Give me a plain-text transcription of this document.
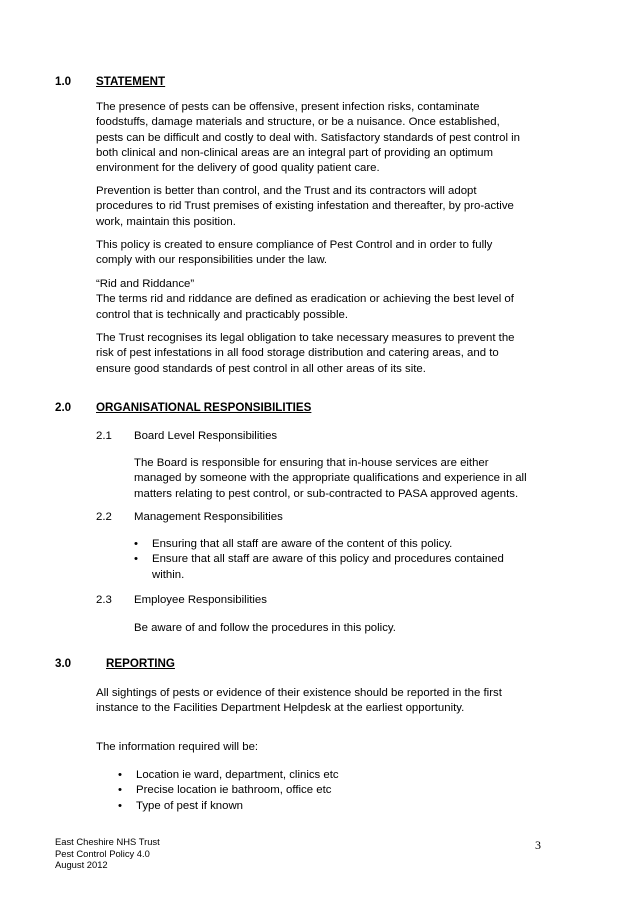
1.0 STATEMENT
The presence of pests can be offensive, present infection risks, contaminate
foodstuffs, damage materials and structure, or be a nuisance. Once established,
pests can be difficult and costly to deal with. Satisfactory standards of pest control in
both clinical and non-clinical areas are an integral part of providing an optimum
environment for the delivery of good quality patient care.
Prevention is better than control, and the Trust and its contractors will adopt
procedures to rid Trust premises of existing infestation and thereafter, by pro-active
work, maintain this position.
This policy is created to ensure compliance of Pest Control and in order to fully
comply with our responsibilities under the law.
“Rid and Riddance”
The terms rid and riddance are defined as eradication or achieving the best level of
control that is technically and practicably possible.
The Trust recognises its legal obligation to take necessary measures to prevent the
risk of pest infestations in all food storage distribution and catering areas, and to
ensure good standards of pest control in all other areas of its site.
2.0 ORGANISATIONAL RESPONSIBILITIES
2.1 Board Level Responsibilities
The Board is responsible for ensuring that in-house services are either
managed by someone with the appropriate qualifications and experience in all
matters relating to pest control, or sub-contracted to PASA approved agents.
2.2 Management Responsibilities
• Ensuring that all staff are aware of the content of this policy.
• Ensure that all staff are aware of this policy and procedures contained
within.
2.3 Employee Responsibilities
Be aware of and follow the procedures in this policy.
3.0	REPORTING
All sightings of pests or evidence of their existence should be reported in the first
instance to the Facilities Department Helpdesk at the earliest opportunity.
The information required will be:
• Location ie ward, department, clinics etc
• Precise location ie bathroom, office etc
• Type of pest if known
East Cheshire NHS Trust
Pest Control Policy 4.0
August 2012
3
